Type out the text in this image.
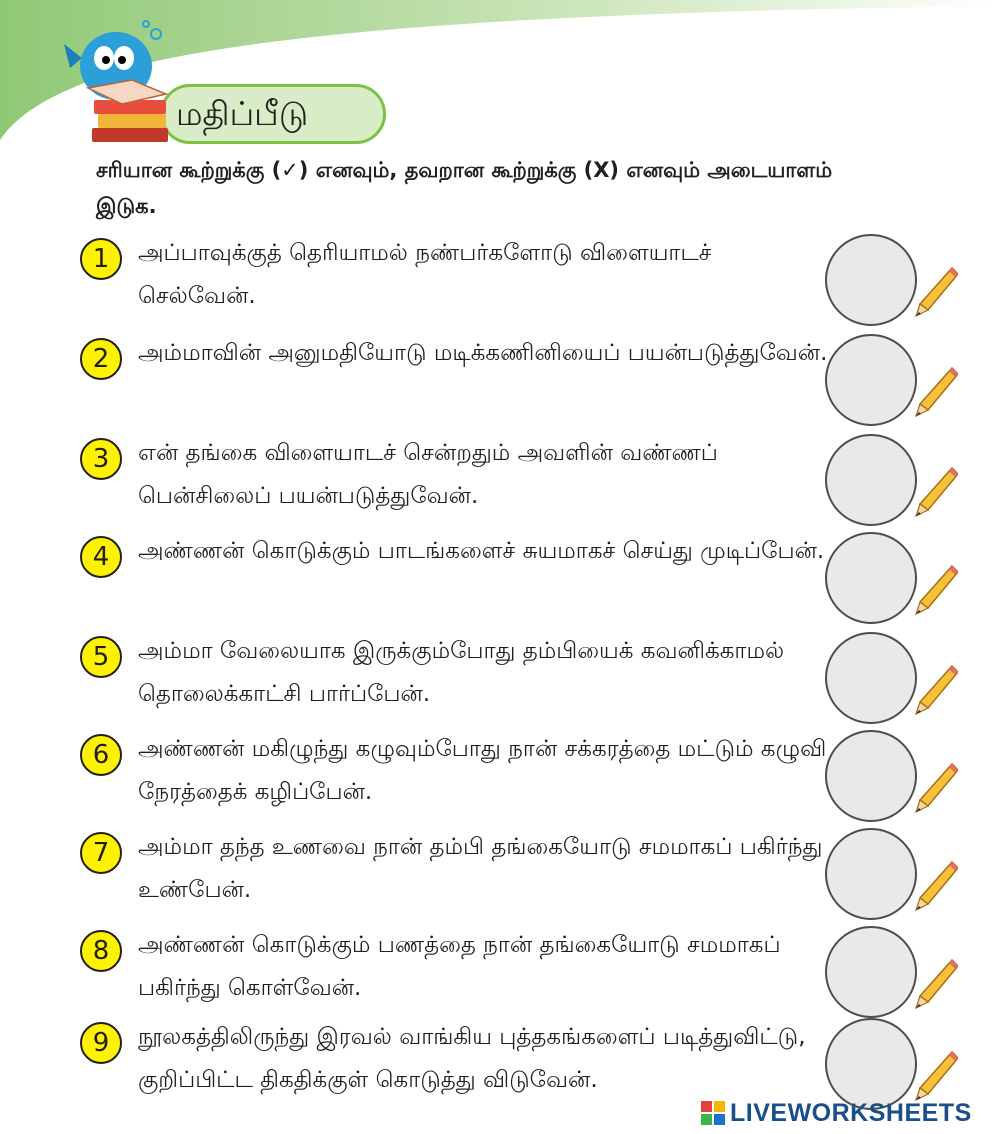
மதிப்பீடு
சரியான கூற்றுக்கு (✓) எனவும், தவறான கூற்றுக்கு (X) எனவும் அடையாளம் இடுக.
1	அப்பாவுக்குத் தெரியாமல் நண்பர்களோடு விளையாடச் செல்வேன்.
2	அம்மாவின் அனுமதியோடு மடிக்கணினியைப் பயன்படுத்துவேன்.
3	என் தங்கை விளையாடச் சென்றதும் அவளின் வண்ணப் பென்சிலைப் பயன்படுத்துவேன்.
4	அண்ணன் கொடுக்கும் பாடங்களைச் சுயமாகச் செய்து முடிப்பேன்.
5	அம்மா வேலையாக இருக்கும்போது தம்பியைக் கவனிக்காமல் தொலைக்காட்சி பார்ப்பேன்.
6	அண்ணன் மகிழுந்து கழுவும்போது நான் சக்கரத்தை மட்டும் கழுவி நேரத்தைக் கழிப்பேன்.
7	அம்மா தந்த உணவை நான் தம்பி தங்கையோடு சமமாகப் பகிர்ந்து உண்பேன்.
8	அண்ணன் கொடுக்கும் பணத்தை நான் தங்கையோடு சமமாகப் பகிர்ந்து கொள்வேன்.
9	நூலகத்திலிருந்து இரவல் வாங்கிய புத்தகங்களைப் படித்துவிட்டு, குறிப்பிட்ட திகதிக்குள் கொடுத்து விடுவேன்.
LIVEWORKSHEETS
